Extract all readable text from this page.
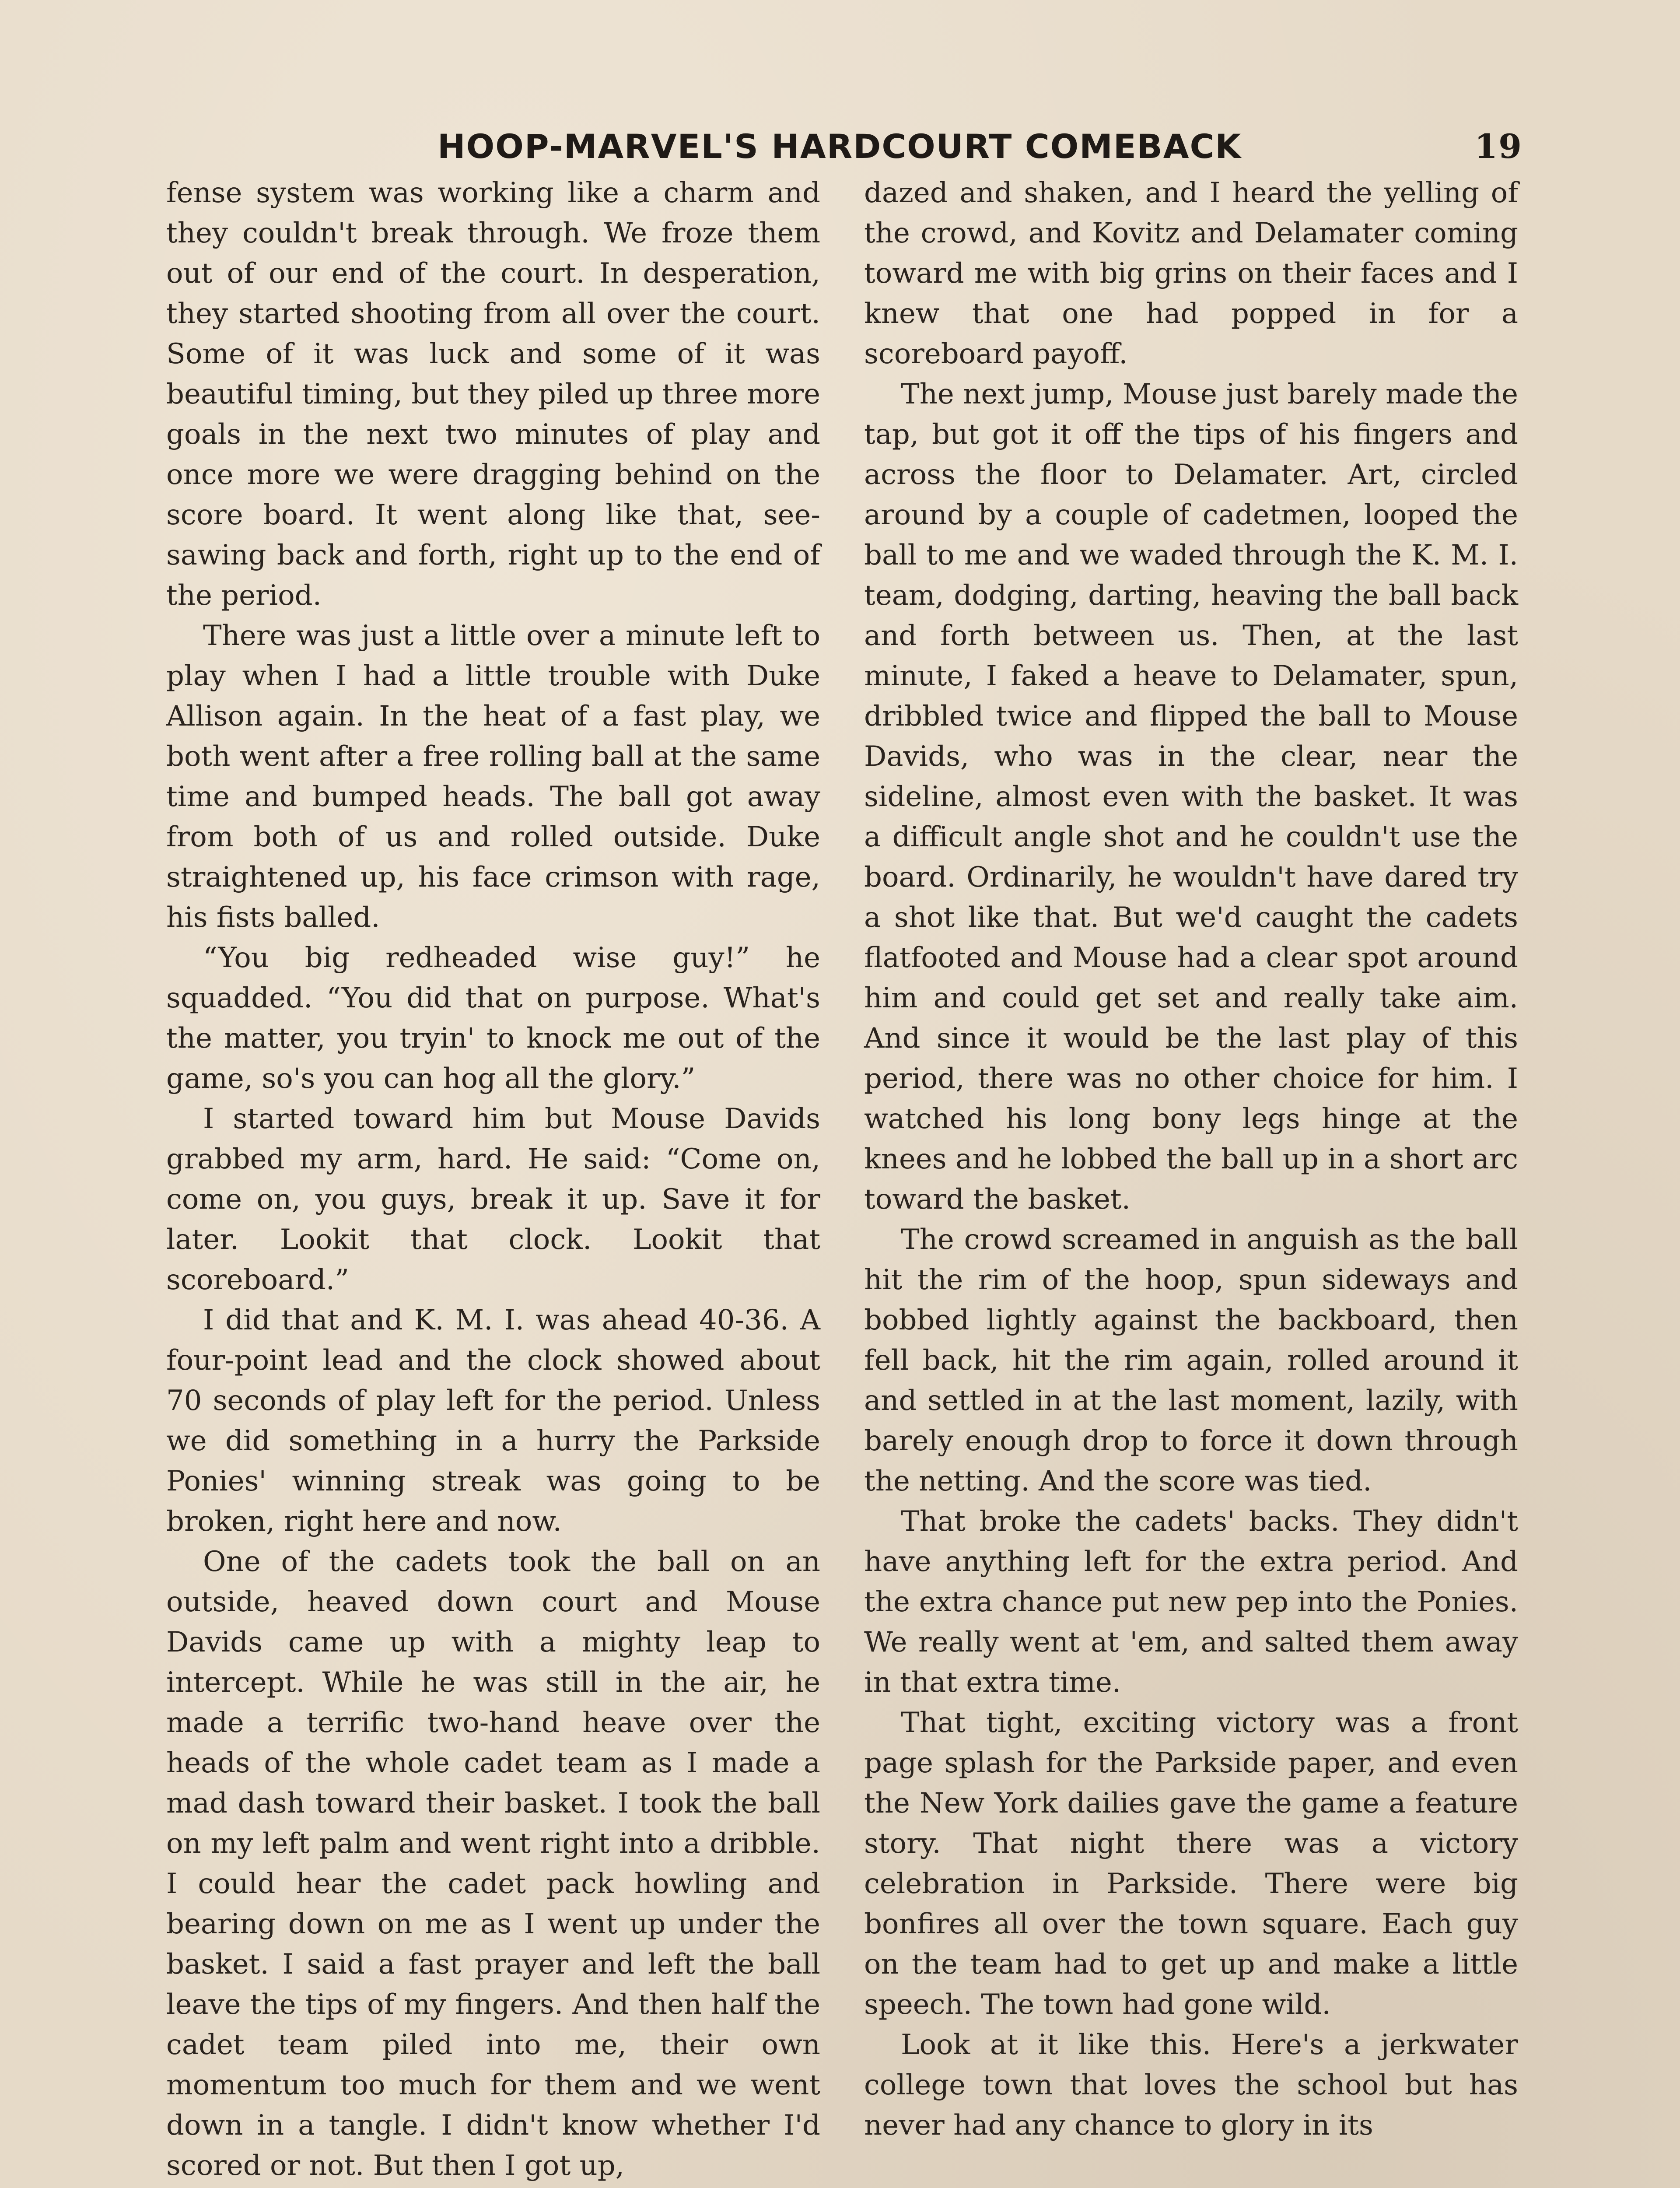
HOOP-MARVEL'S HARDCOURT COMEBACK	19

fense system was working like a charm and they couldn't break through. We froze them out of our end of the court. In desperation, they started shooting from all over the court. Some of it was luck and some of it was beautiful timing, but they piled up three more goals in the next two minutes of play and once more we were dragging behind on the score board. It went along like that, see-sawing back and forth, right up to the end of the period.

There was just a little over a minute left to play when I had a little trouble with Duke Allison again. In the heat of a fast play, we both went after a free rolling ball at the same time and bumped heads. The ball got away from both of us and rolled outside. Duke straightened up, his face crimson with rage, his fists balled.

“You big redheaded wise guy!” he squadded. “You did that on purpose. What's the matter, you tryin' to knock me out of the game, so's you can hog all the glory.”

I started toward him but Mouse Davids grabbed my arm, hard. He said: “Come on, come on, you guys, break it up. Save it for later. Lookit that clock. Lookit that scoreboard.”

I did that and K. M. I. was ahead 40-36. A four-point lead and the clock showed about 70 seconds of play left for the period. Unless we did something in a hurry the Parkside Ponies' winning streak was going to be broken, right here and now.

One of the cadets took the ball on an outside, heaved down court and Mouse Davids came up with a mighty leap to intercept. While he was still in the air, he made a terrific two-hand heave over the heads of the whole cadet team as I made a mad dash toward their basket. I took the ball on my left palm and went right into a dribble. I could hear the cadet pack howling and bearing down on me as I went up under the basket. I said a fast prayer and left the ball leave the tips of my fingers. And then half the cadet team piled into me, their own momentum too much for them and we went down in a tangle. I didn't know whether I'd scored or not. But then I got up,

dazed and shaken, and I heard the yelling of the crowd, and Kovitz and Delamater coming toward me with big grins on their faces and I knew that one had popped in for a scoreboard payoff.

The next jump, Mouse just barely made the tap, but got it off the tips of his fingers and across the floor to Delamater. Art, circled around by a couple of cadetmen, looped the ball to me and we waded through the K. M. I. team, dodging, darting, heaving the ball back and forth between us. Then, at the last minute, I faked a heave to Delamater, spun, dribbled twice and flipped the ball to Mouse Davids, who was in the clear, near the sideline, almost even with the basket. It was a difficult angle shot and he couldn't use the board. Ordinarily, he wouldn't have dared try a shot like that. But we'd caught the cadets flatfooted and Mouse had a clear spot around him and could get set and really take aim. And since it would be the last play of this period, there was no other choice for him. I watched his long bony legs hinge at the knees and he lobbed the ball up in a short arc toward the basket.

The crowd screamed in anguish as the ball hit the rim of the hoop, spun sideways and bobbed lightly against the backboard, then fell back, hit the rim again, rolled around it and settled in at the last moment, lazily, with barely enough drop to force it down through the netting. And the score was tied.

That broke the cadets' backs. They didn't have anything left for the extra period. And the extra chance put new pep into the Ponies. We really went at 'em, and salted them away in that extra time.

That tight, exciting victory was a front page splash for the Parkside paper, and even the New York dailies gave the game a feature story. That night there was a victory celebration in Parkside. There were big bonfires all over the town square. Each guy on the team had to get up and make a little speech. The town had gone wild.

Look at it like this. Here's a jerkwater college town that loves the school but has never had any chance to glory in its
